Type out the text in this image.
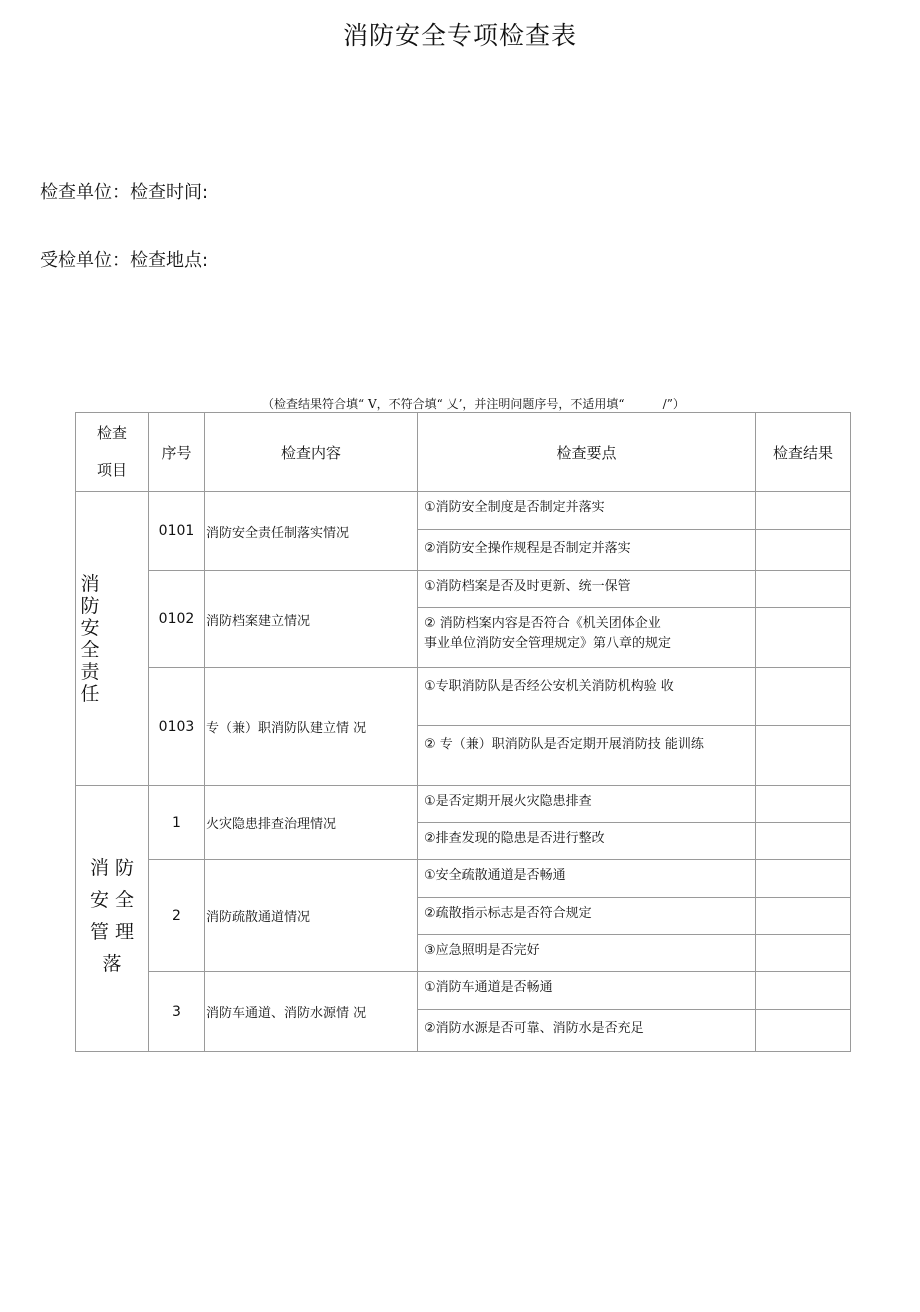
消防安全专项检查表
检查单位：检查时间:
受检单位：检查地点:
（检查结果符合填“ V，不符合填“ 乂’，并注明问题序号，不适用填“          /”）
检查
项目	序号	检查内容	检查要点	检查结果

消防安全责任	0101	消防安全责任制落实情况	①消防安全制度是否制定并落实	
			②消防安全操作规程是否制定并落实	
	0102	消防档案建立情况	①消防档案是否及时更新、统一保管	

			② 消防档案内容是否符合《机关团体企业
事业单位消防安全管理规定》第八章的规定	

	0103	专（兼）职消防队建立情 况	①专职消防队是否经公安机关消防机构验 收	
			② 专（兼）职消防队是否定期开展消防技 能训练	

消 防
安 全
管 理
落	1	火灾隐患排查治理情况	①是否定期开展火灾隐患排查	
			②排查发现的隐患是否进行整改	
	2	消防疏散通道情况	①安全疏散通道是否畅通	
			②疏散指示标志是否符合规定	
			③应急照明是否完好	
	3	消防车通道、消防水源情 况	①消防车通道是否畅通	
			②消防水源是否可靠、消防水是否充足	
